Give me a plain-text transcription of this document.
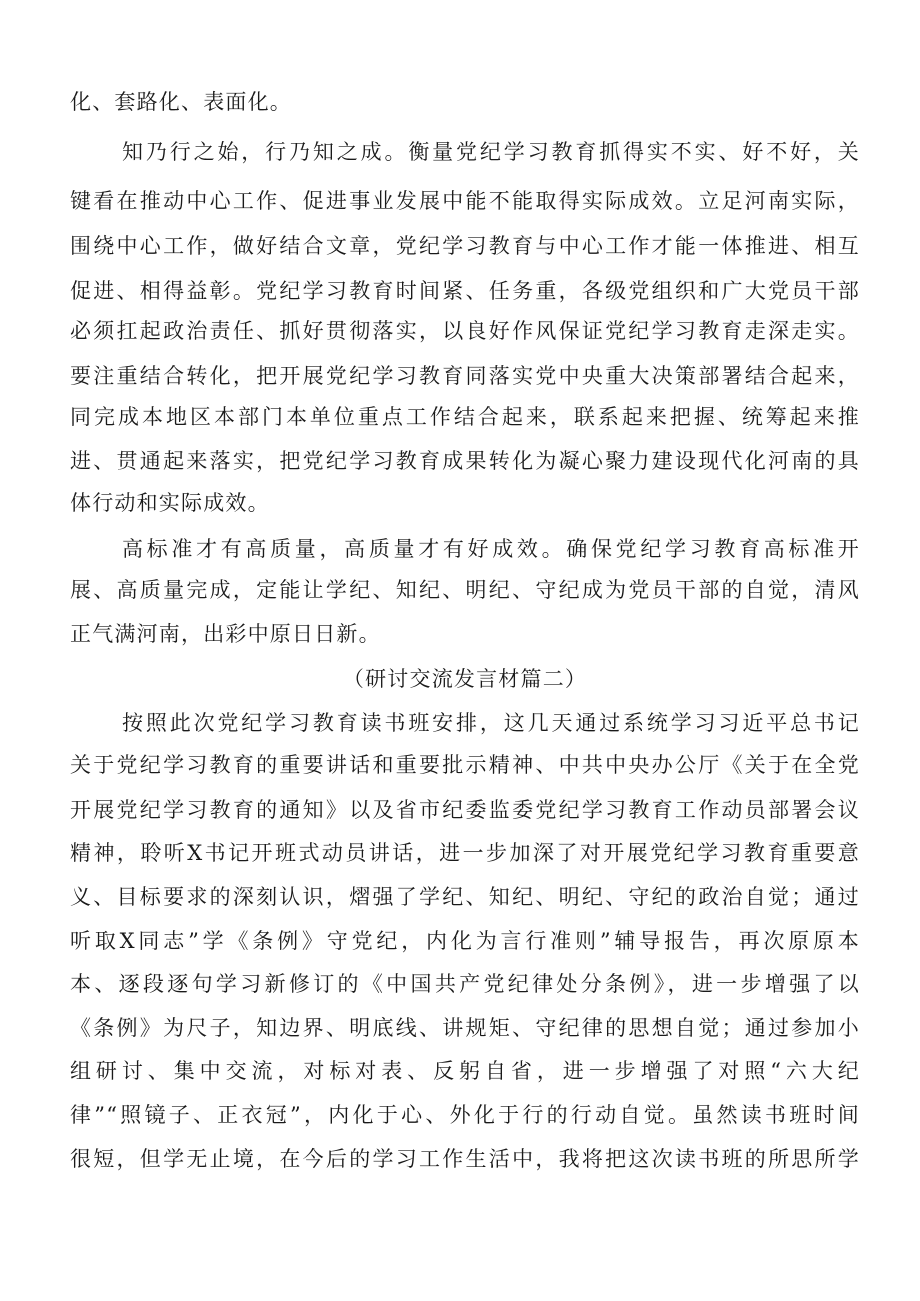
化、套路化、表面化。
知乃行之始，行乃知之成。衡量党纪学习教育抓得实不实、好不好，关
键看在推动中心工作、促进事业发展中能不能取得实际成效。立足河南实际，
围绕中心工作，做好结合文章，党纪学习教育与中心工作才能一体推进、相互
促进、相得益彰。党纪学习教育时间紧、任务重，各级党组织和广大党员干部
必须扛起政治责任、抓好贯彻落实，以良好作风保证党纪学习教育走深走实。
要注重结合转化，把开展党纪学习教育同落实党中央重大决策部署结合起来，
同完成本地区本部门本单位重点工作结合起来，联系起来把握、统筹起来推
进、贯通起来落实，把党纪学习教育成果转化为凝心聚力建设现代化河南的具
体行动和实际成效。
高标准才有高质量，高质量才有好成效。确保党纪学习教育高标准开
展、高质量完成，定能让学纪、知纪、明纪、守纪成为党员干部的自觉，清风
正气满河南，出彩中原日日新。
（研讨交流发言材篇二）
按照此次党纪学习教育读书班安排，这几天通过系统学习习近平总书记
关于党纪学习教育的重要讲话和重要批示精神、中共中央办公厅《关于在全党
开展党纪学习教育的通知》以及省市纪委监委党纪学习教育工作动员部署会议
精神，聆听X书记开班式动员讲话，进一步加深了对开展党纪学习教育重要意
义、目标要求的深刻认识，熠强了学纪、知纪、明纪、守纪的政治自觉；通过
听取X同志”学《条例》守党纪，内化为言行准则”辅导报告，再次原原本
本、逐段逐句学习新修订的《中国共产党纪律处分条例》，进一步增强了以
《条例》为尺子，知边界、明底线、讲规矩、守纪律的思想自觉；通过参加小
组研讨、集中交流，对标对表、反躬自省，进一步增强了对照“六大纪
律”“照镜子、正衣冠”，内化于心、外化于行的行动自觉。虽然读书班时间
很短，但学无止境，在今后的学习工作生活中，我将把这次读书班的所思所学
